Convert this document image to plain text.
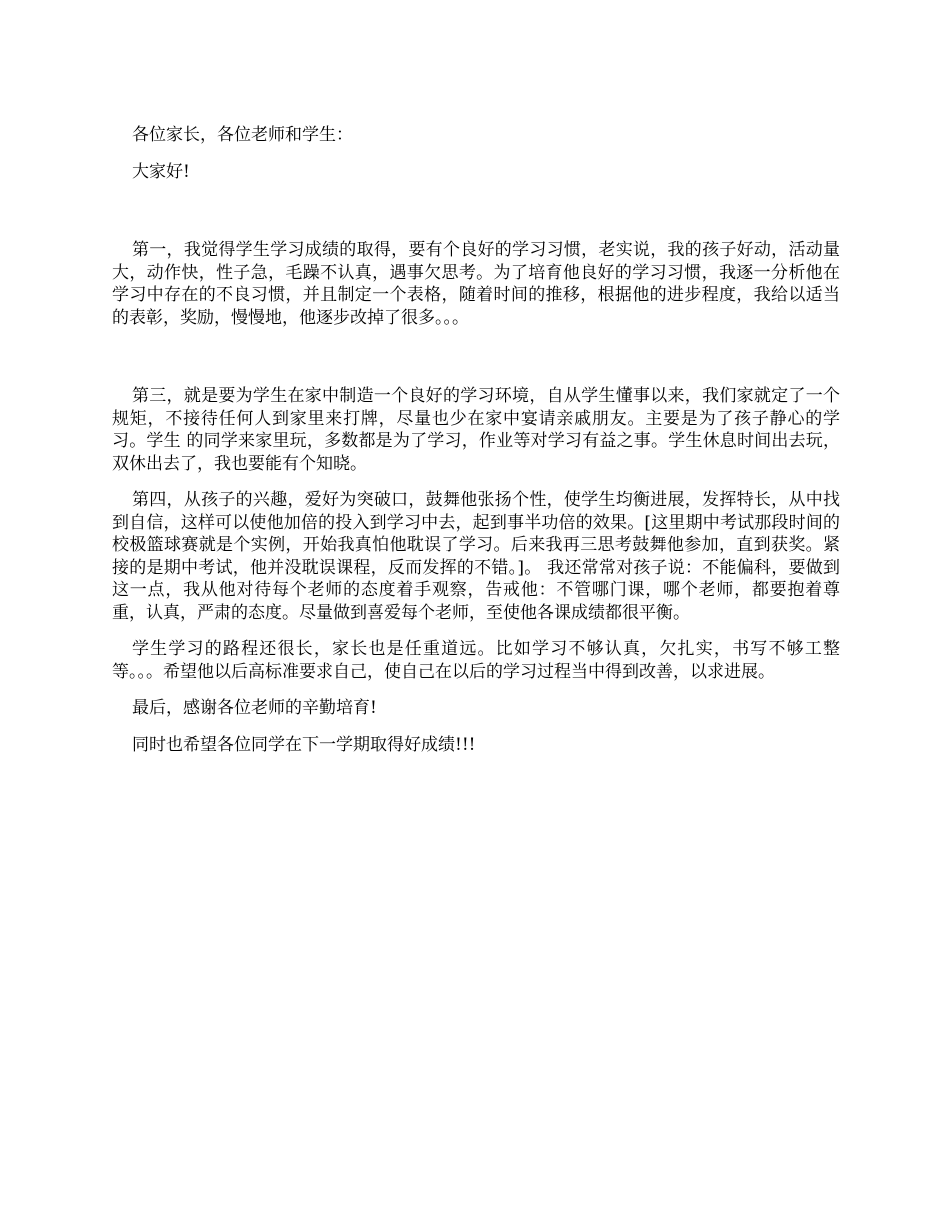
各位家长，各位老师和学生：

大家好!

第一，我觉得学生学习成绩的取得，要有个良好的学习习惯，老实说，我的孩子好动，活动量大，动作快，性子急，毛躁不认真，遇事欠思考。为了培育他良好的学习习惯，我逐一分析他在学习中存在的不良习惯，并且制定一个表格，随着时间的推移，根据他的进步程度，我给以适当的表彰，奖励，慢慢地，他逐步改掉了很多。。。

第三，就是要为学生在家中制造一个良好的学习环境，自从学生懂事以来，我们家就定了一个规矩，不接待任何人到家里来打牌，尽量也少在家中宴请亲戚朋友。主要是为了孩子静心的学习。学生 的同学来家里玩，多数都是为了学习，作业等对学习有益之事。学生休息时间出去玩，双休出去了，我也要能有个知晓。

第四，从孩子的兴趣，爱好为突破口，鼓舞他张扬个性，使学生均衡进展，发挥特长，从中找到自信，这样可以使他加倍的投入到学习中去，起到事半功倍的效果。[这里期中考试那段时间的校极篮球赛就是个实例，开始我真怕他耽误了学习。后来我再三思考鼓舞他参加，直到获奖。紧接的是期中考试，他并没耽误课程，反而发挥的不错。]。 我还常常对孩子说：不能偏科，要做到这一点，我从他对待每个老师的态度着手观察，告戒他：不管哪门课，哪个老师，都要抱着尊重，认真，严肃的态度。尽量做到喜爱每个老师，至使他各课成绩都很平衡。

学生学习的路程还很长，家长也是任重道远。比如学习不够认真，欠扎实，书写不够工整等。。。希望他以后高标准要求自己，使自己在以后的学习过程当中得到改善，以求进展。

最后，感谢各位老师的辛勤培育!

同时也希望各位同学在下一学期取得好成绩!!!
